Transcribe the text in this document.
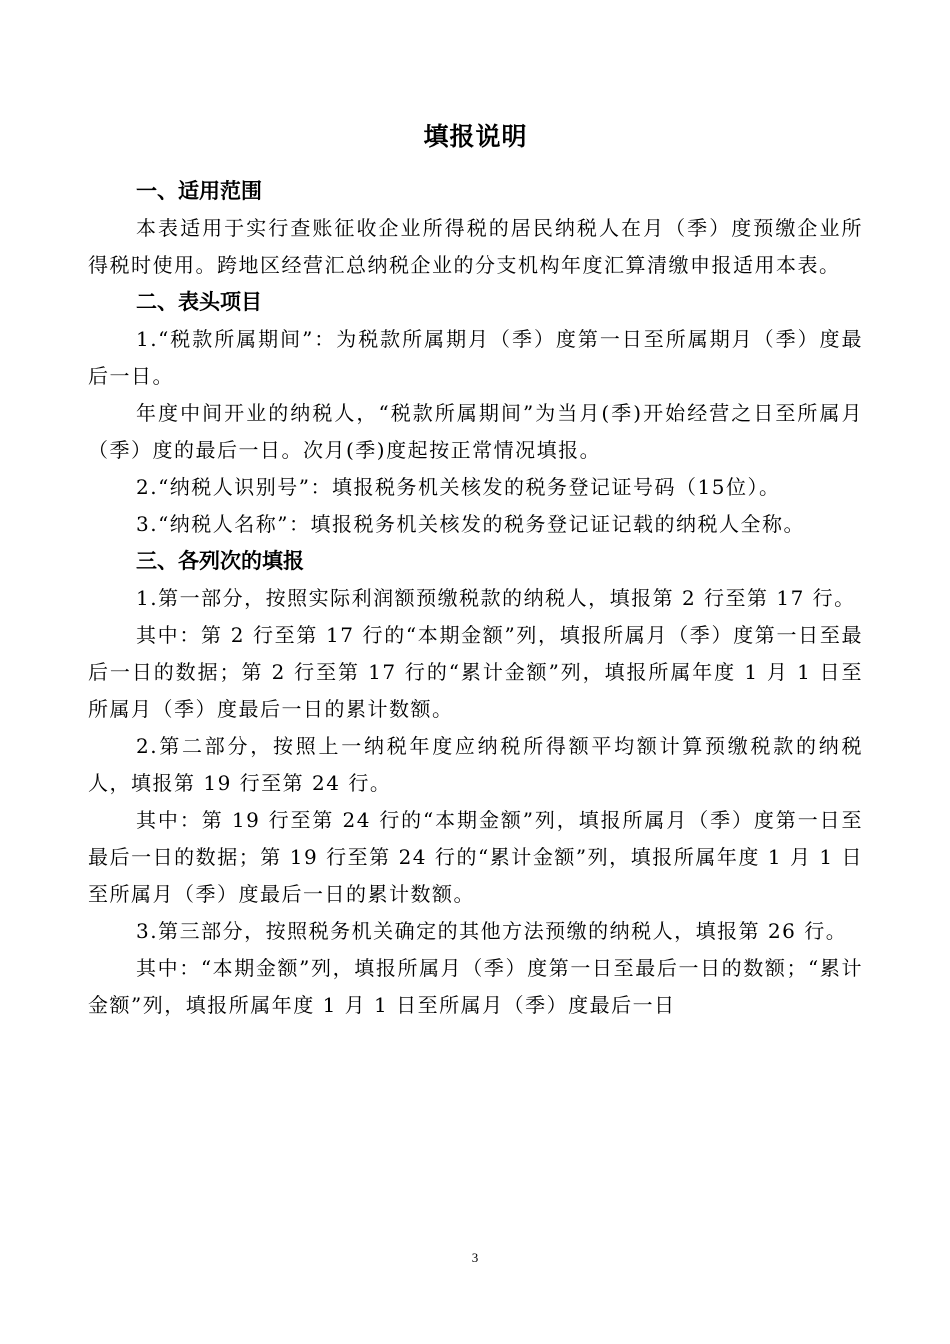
填报说明
一、适用范围

本表适用于实行查账征收企业所得税的居民纳税人在月（季）度预缴企业所得税时使用。跨地区经营汇总纳税企业的分支机构年度汇算清缴申报适用本表。

二、表头项目

1.“税款所属期间”：为税款所属期月（季）度第一日至所属期月（季）度最后一日。

年度中间开业的纳税人，“税款所属期间”为当月(季)开始经营之日至所属月（季）度的最后一日。次月(季)度起按正常情况填报。

2.“纳税人识别号”：填报税务机关核发的税务登记证号码（15位）。

3.“纳税人名称”：填报税务机关核发的税务登记证记载的纳税人全称。

三、各列次的填报

1.第一部分，按照实际利润额预缴税款的纳税人，填报第 2 行至第 17 行。

其中：第 2 行至第 17 行的“本期金额”列，填报所属月（季）度第一日至最后一日的数据；第 2 行至第 17 行的“累计金额”列，填报所属年度 1 月 1 日至所属月（季）度最后一日的累计数额。

2.第二部分，按照上一纳税年度应纳税所得额平均额计算预缴税款的纳税人，填报第 19 行至第 24 行。

其中：第 19 行至第 24 行的“本期金额”列，填报所属月（季）度第一日至最后一日的数据；第 19 行至第 24 行的“累计金额”列，填报所属年度 1 月 1 日至所属月（季）度最后一日的累计数额。

3.第三部分，按照税务机关确定的其他方法预缴的纳税人，填报第 26 行。

其中：“本期金额”列，填报所属月（季）度第一日至最后一日的数额；“累计金额”列，填报所属年度 1 月 1 日至所属月（季）度最后一日

3
